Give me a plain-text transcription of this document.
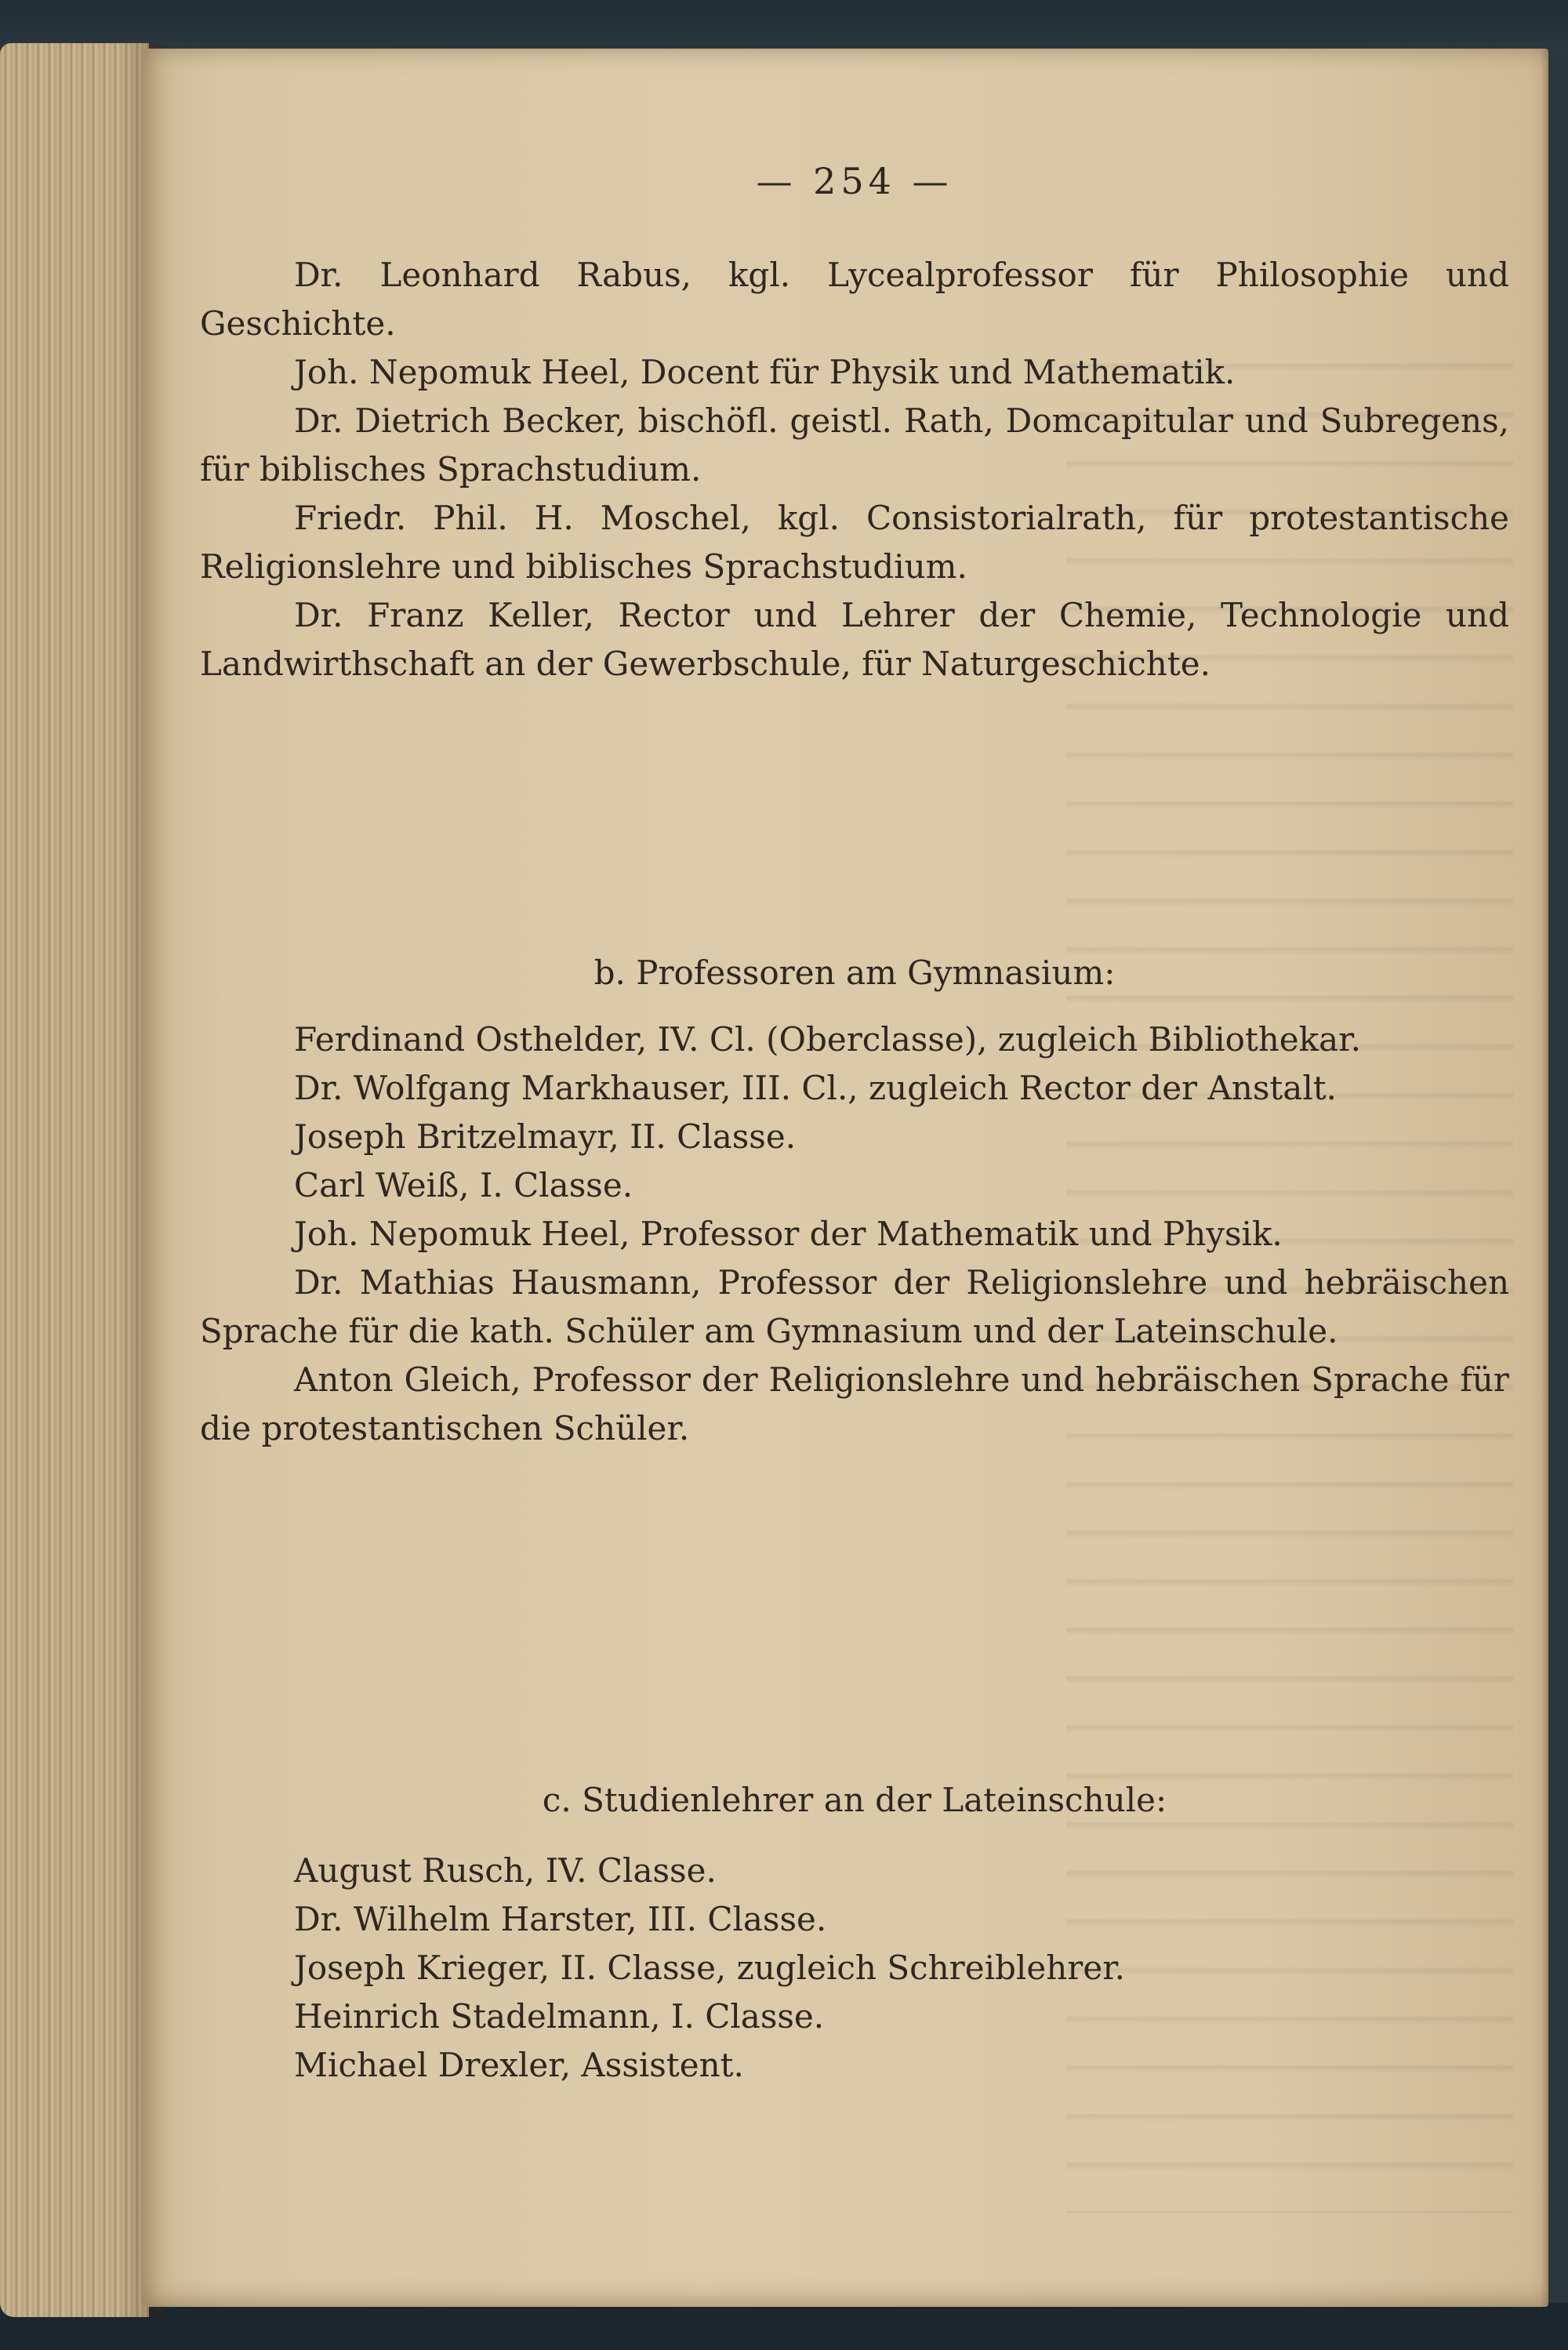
— 254 —

Dr. Leonhard Rabus, kgl. Lycealprofessor für Philosophie und Geschichte.

Joh. Nepomuk Heel, Docent für Physik und Mathematik.

Dr. Dietrich Becker, bischöfl. geistl. Rath, Domcapitular und Subregens, für biblisches Sprachstudium.

Friedr. Phil. H. Moschel, kgl. Consistorialrath, für protestantische Religionslehre und biblisches Sprachstudium.

Dr. Franz Keller, Rector und Lehrer der Chemie, Technologie und Landwirthschaft an der Gewerbschule, für Naturgeschichte.

b. Professoren am Gymnasium:

Ferdinand Osthelder, IV. Cl. (Oberclasse), zugleich Bibliothekar.

Dr. Wolfgang Markhauser, III. Cl., zugleich Rector der Anstalt.

Joseph Britzelmayr, II. Classe.

Carl Weiß, I. Classe.

Joh. Nepomuk Heel, Professor der Mathematik und Physik.

Dr. Mathias Hausmann, Professor der Religionslehre und hebräischen Sprache für die kath. Schüler am Gymnasium und der Lateinschule.

Anton Gleich, Professor der Religionslehre und hebräischen Sprache für die protestantischen Schüler.

c. Studienlehrer an der Lateinschule:

August Rusch, IV. Classe.

Dr. Wilhelm Harster, III. Classe.

Joseph Krieger, II. Classe, zugleich Schreiblehrer.

Heinrich Stadelmann, I. Classe.

Michael Drexler, Assistent.
